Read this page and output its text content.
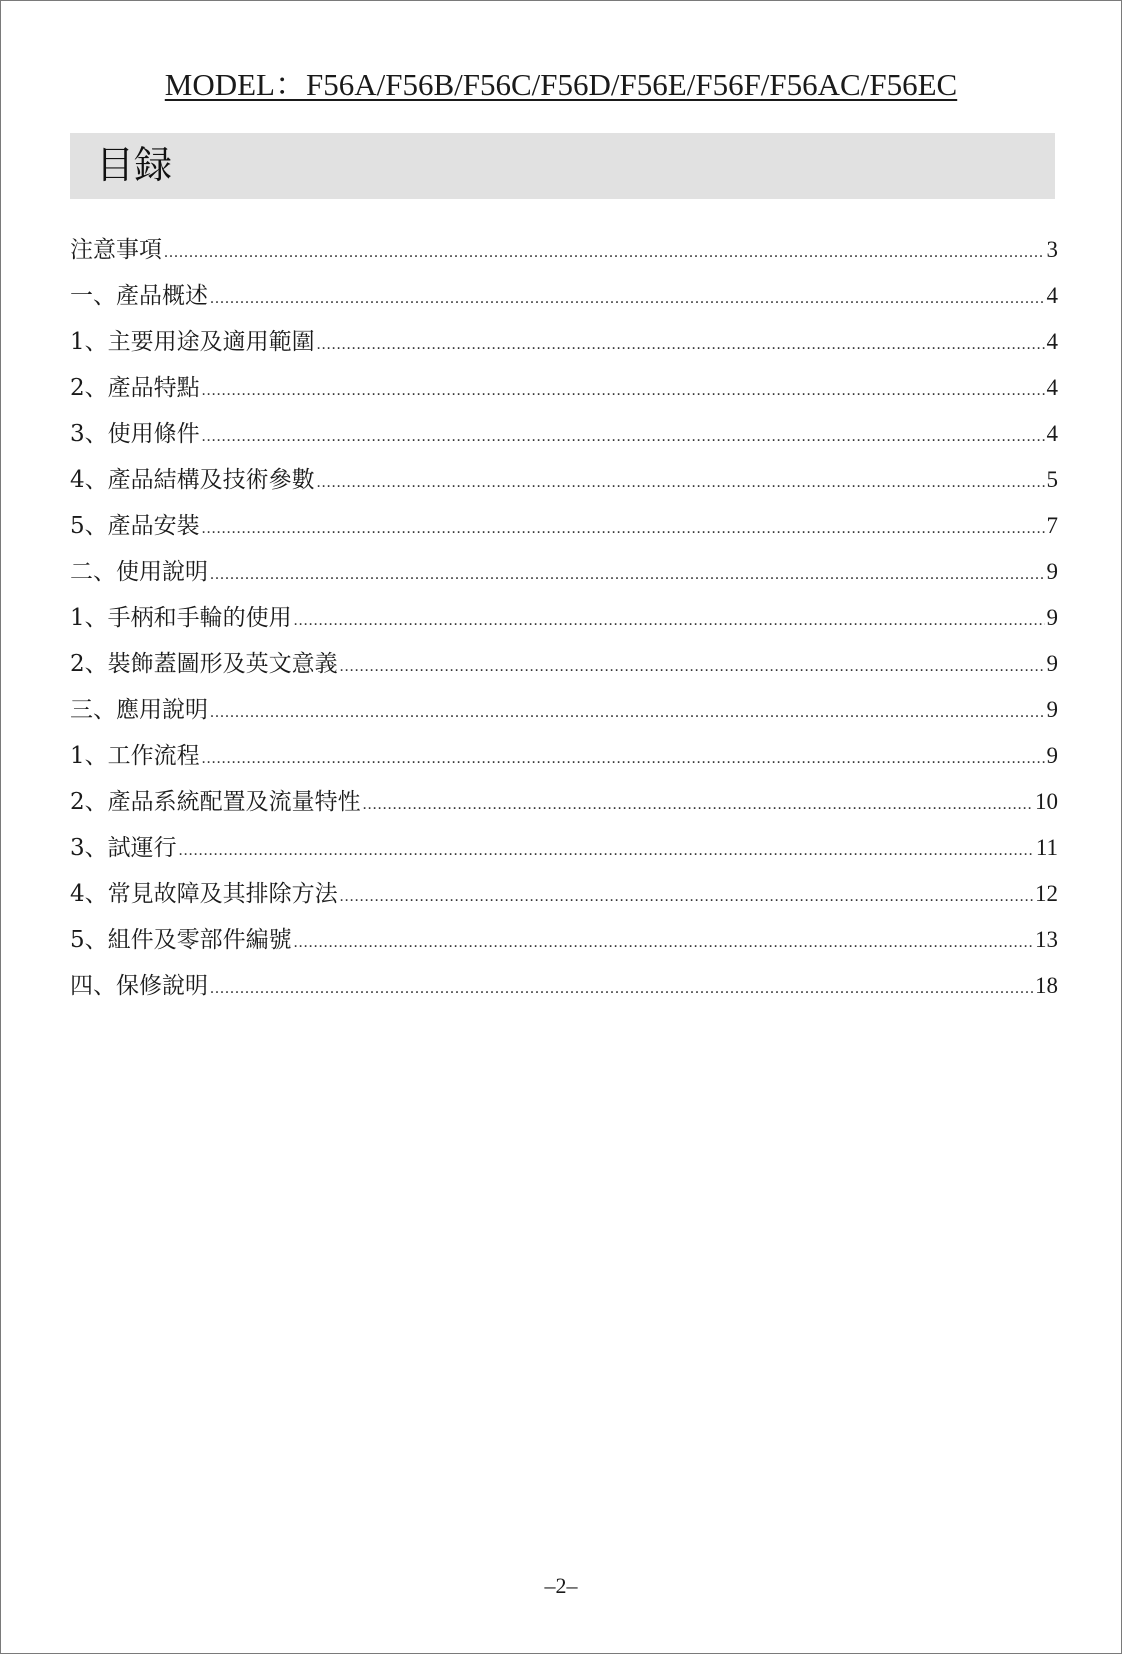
MODEL：F56A/F56B/F56C/F56D/F56E/F56F/F56AC/F56EC
目録
注意事項 .....	3
一、產品概述 .....	4
1、主要用途及適用範圍 .....	4
2、產品特點 .....	4
3、使用條件 .....	4
4、產品結構及技術參數 .....	5
5、產品安裝 .....	7
二、使用說明 .....	9
1、手柄和手輪的使用 .....	9
2、裝飾蓋圖形及英文意義 .....	9
三、應用說明 .....	9
1、工作流程 .....	9
2、產品系統配置及流量特性 .....	10
3、試運行 .....	11
4、常見故障及其排除方法 .....	12
5、組件及零部件編號 .....	13
四、保修說明 .....	18
–2–
